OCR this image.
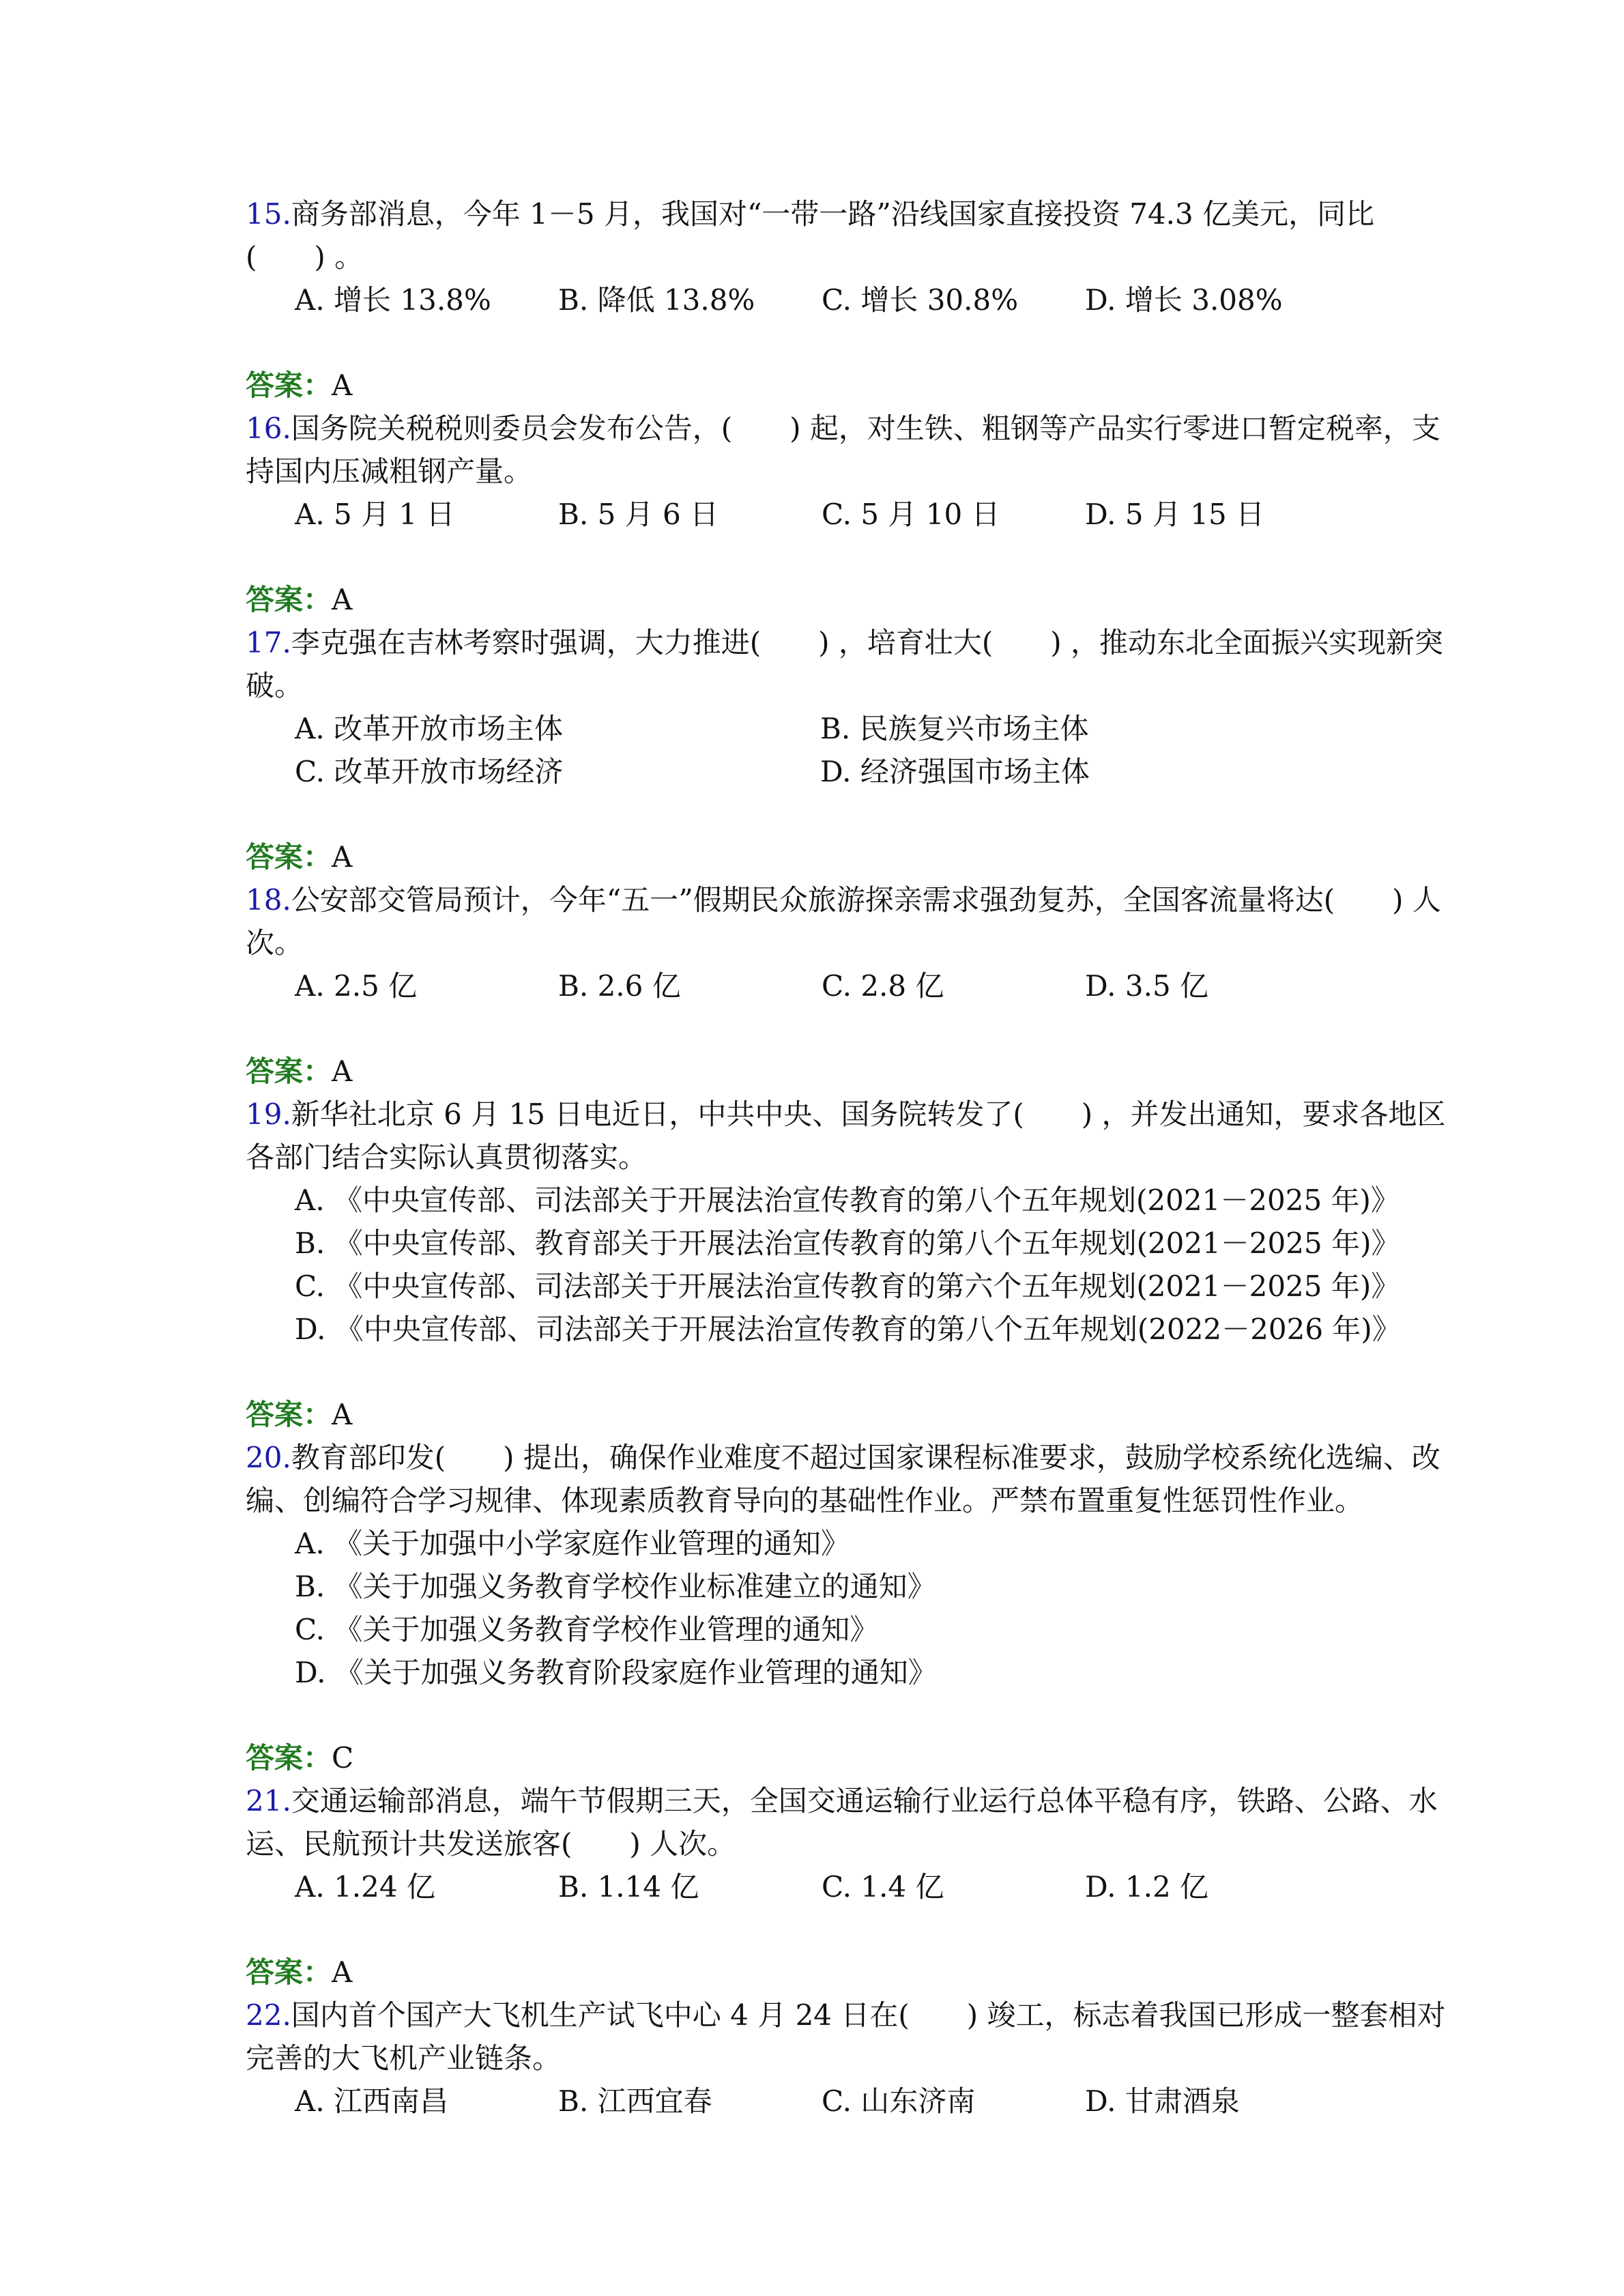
15.商务部消息，今年 1－5 月，我国对“一带一路”沿线国家直接投资 74.3 亿美元，同比(　　) 。

A. 增长 13.8%	B. 降低 13.8%	C. 增长 30.8%	D. 增长 3.08%
答案：A

16.国务院关税税则委员会发布公告，(　　) 起，对生铁、粗钢等产品实行零进口暂定税率，支持国内压减粗钢产量。

A. 5 月 1 日	B. 5 月 6 日	C. 5 月 10 日	D. 5 月 15 日
答案：A

17.李克强在吉林考察时强调，大力推进(　　) ，培育壮大(　　) ，推动东北全面振兴实现新突破。

A. 改革开放市场主体	B. 民族复兴市场主体
C. 改革开放市场经济	D. 经济强国市场主体
答案：A

18.公安部交管局预计，今年“五一”假期民众旅游探亲需求强劲复苏，全国客流量将达(　　) 人次。

A. 2.5 亿	B. 2.6 亿	C. 2.8 亿	D. 3.5 亿
答案：A

19.新华社北京 6 月 15 日电近日，中共中央、国务院转发了(　　) ，并发出通知，要求各地区各部门结合实际认真贯彻落实。

A. 《中央宣传部、司法部关于开展法治宣传教育的第八个五年规划(2021－2025 年)》
B. 《中央宣传部、教育部关于开展法治宣传教育的第八个五年规划(2021－2025 年)》
C. 《中央宣传部、司法部关于开展法治宣传教育的第六个五年规划(2021－2025 年)》
D. 《中央宣传部、司法部关于开展法治宣传教育的第八个五年规划(2022－2026 年)》
答案：A

20.教育部印发(　　) 提出，确保作业难度不超过国家课程标准要求，鼓励学校系统化选编、改编、创编符合学习规律、体现素质教育导向的基础性作业。严禁布置重复性惩罚性作业。

A. 《关于加强中小学家庭作业管理的通知》
B. 《关于加强义务教育学校作业标准建立的通知》
C. 《关于加强义务教育学校作业管理的通知》
D. 《关于加强义务教育阶段家庭作业管理的通知》
答案：C

21.交通运输部消息，端午节假期三天，全国交通运输行业运行总体平稳有序，铁路、公路、水运、民航预计共发送旅客(　　) 人次。

A. 1.24 亿	B. 1.14 亿	C. 1.4 亿	D. 1.2 亿
答案：A

22.国内首个国产大飞机生产试飞中心 4 月 24 日在(　　) 竣工，标志着我国已形成一整套相对完善的大飞机产业链条。

A. 江西南昌	B. 江西宜春	C. 山东济南	D. 甘肃酒泉
